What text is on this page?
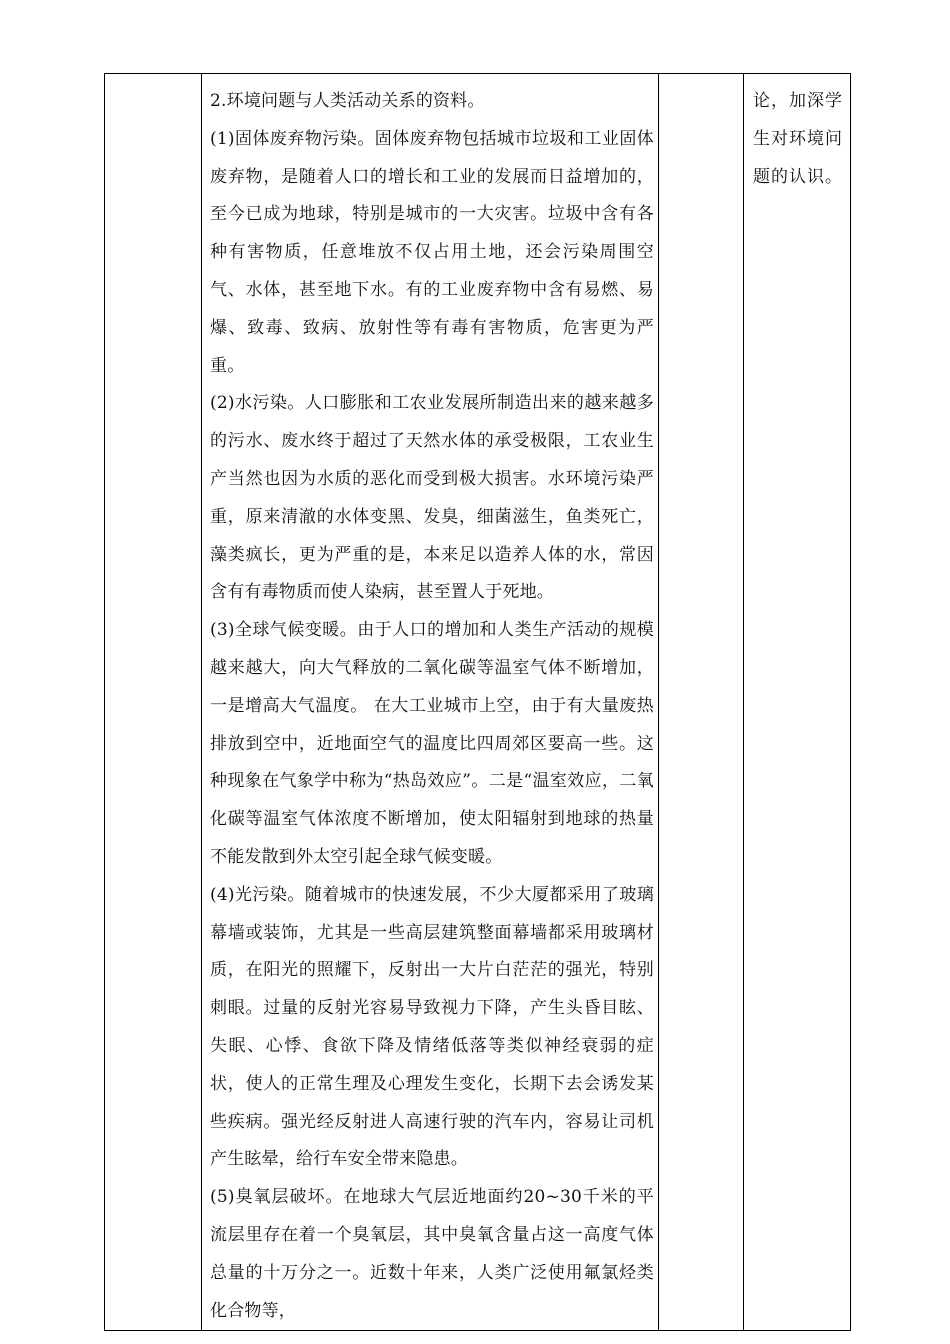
2.环境问题与人类活动关系的资料。

(1)固体废弃物污染。固体废弃物包括城市垃圾和工业固体废弃物，是随着人口的增长和工业的发展而日益增加的，至今已成为地球，特别是城市的一大灾害。垃圾中含有各种有害物质，任意堆放不仅占用土地，还会污染周围空气、水体，甚至地下水。有的工业废弃物中含有易燃、易爆、致毒、致病、放射性等有毒有害物质，危害更为严重。

(2)水污染。人口膨胀和工农业发展所制造出来的越来越多的污水、废水终于超过了天然水体的承受极限，工农业生产当然也因为水质的恶化而受到极大损害。水环境污染严重，原来清澈的水体变黑、发臭，细菌滋生，鱼类死亡，藻类疯长，更为严重的是，本来足以造养人体的水，常因含有有毒物质而使人染病，甚至置人于死地。

(3)全球气候变暖。由于人口的增加和人类生产活动的规模越来越大，向大气释放的二氧化碳等温室气体不断增加，一是增高大气温度。 在大工业城市上空，由于有大量废热排放到空中，近地面空气的温度比四周郊区要高一些。这种现象在气象学中称为“热岛效应”。二是“温室效应，二氧化碳等温室气体浓度不断增加，使太阳辐射到地球的热量不能发散到外太空引起全球气候变暖。

(4)光污染。随着城市的快速发展，不少大厦都采用了玻璃幕墙或装饰，尤其是一些高层建筑整面幕墙都采用玻璃材质，在阳光的照耀下，反射出一大片白茫茫的强光，特别刺眼。过量的反射光容易导致视力下降，产生头昏目眩、失眠、心悸、食欲下降及情绪低落等类似神经衰弱的症状，使人的正常生理及心理发生变化，长期下去会诱发某些疾病。强光经反射进人高速行驶的汽车内，容易让司机产生眩晕，给行车安全带来隐患。

(5)臭氧层破坏。在地球大气层近地面约20~30千米的平流层里存在着一个臭氧层，其中臭氧含量占这一高度气体总量的十万分之一。近数十年来，人类广泛使用氟氯烃类化合物等，

论，加深学生对环境问题的认识。
